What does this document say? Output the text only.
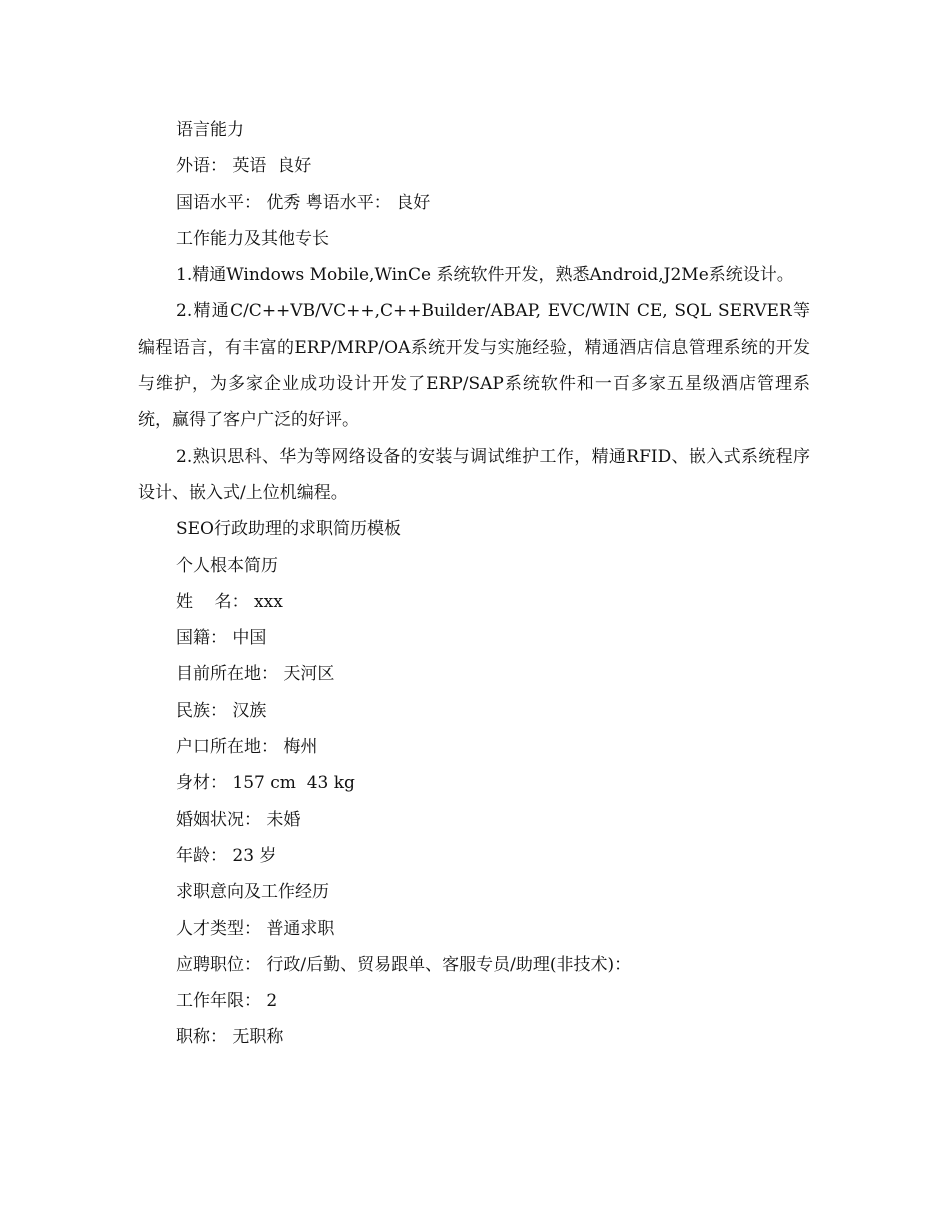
语言能力
外语： 英语  良好
国语水平： 优秀 粤语水平： 良好
工作能力及其他专长
1.精通Windows Mobile,WinCe 系统软件开发，熟悉Android,J2Me系统设计。
2.精通C/C++VB/VC++,C++Builder/ABAP, EVC/WIN CE, SQL SERVER等编程语言，有丰富的ERP/MRP/OA系统开发与实施经验，精通酒店信息管理系统的开发与维护，为多家企业成功设计开发了ERP/SAP系统软件和一百多家五星级酒店管理系统，赢得了客户广泛的好评。
2.熟识思科、华为等网络设备的安装与调试维护工作，精通RFID、嵌入式系统程序设计、嵌入式/上位机编程。
SEO行政助理的求职简历模板
个人根本简历
姓    名： xxx
国籍： 中国
目前所在地： 天河区
民族： 汉族
户口所在地： 梅州
身材： 157 cm  43 kg
婚姻状况： 未婚
年龄： 23 岁
求职意向及工作经历
人才类型： 普通求职
应聘职位： 行政/后勤、贸易跟单、客服专员/助理(非技术)：
工作年限： 2
职称： 无职称
